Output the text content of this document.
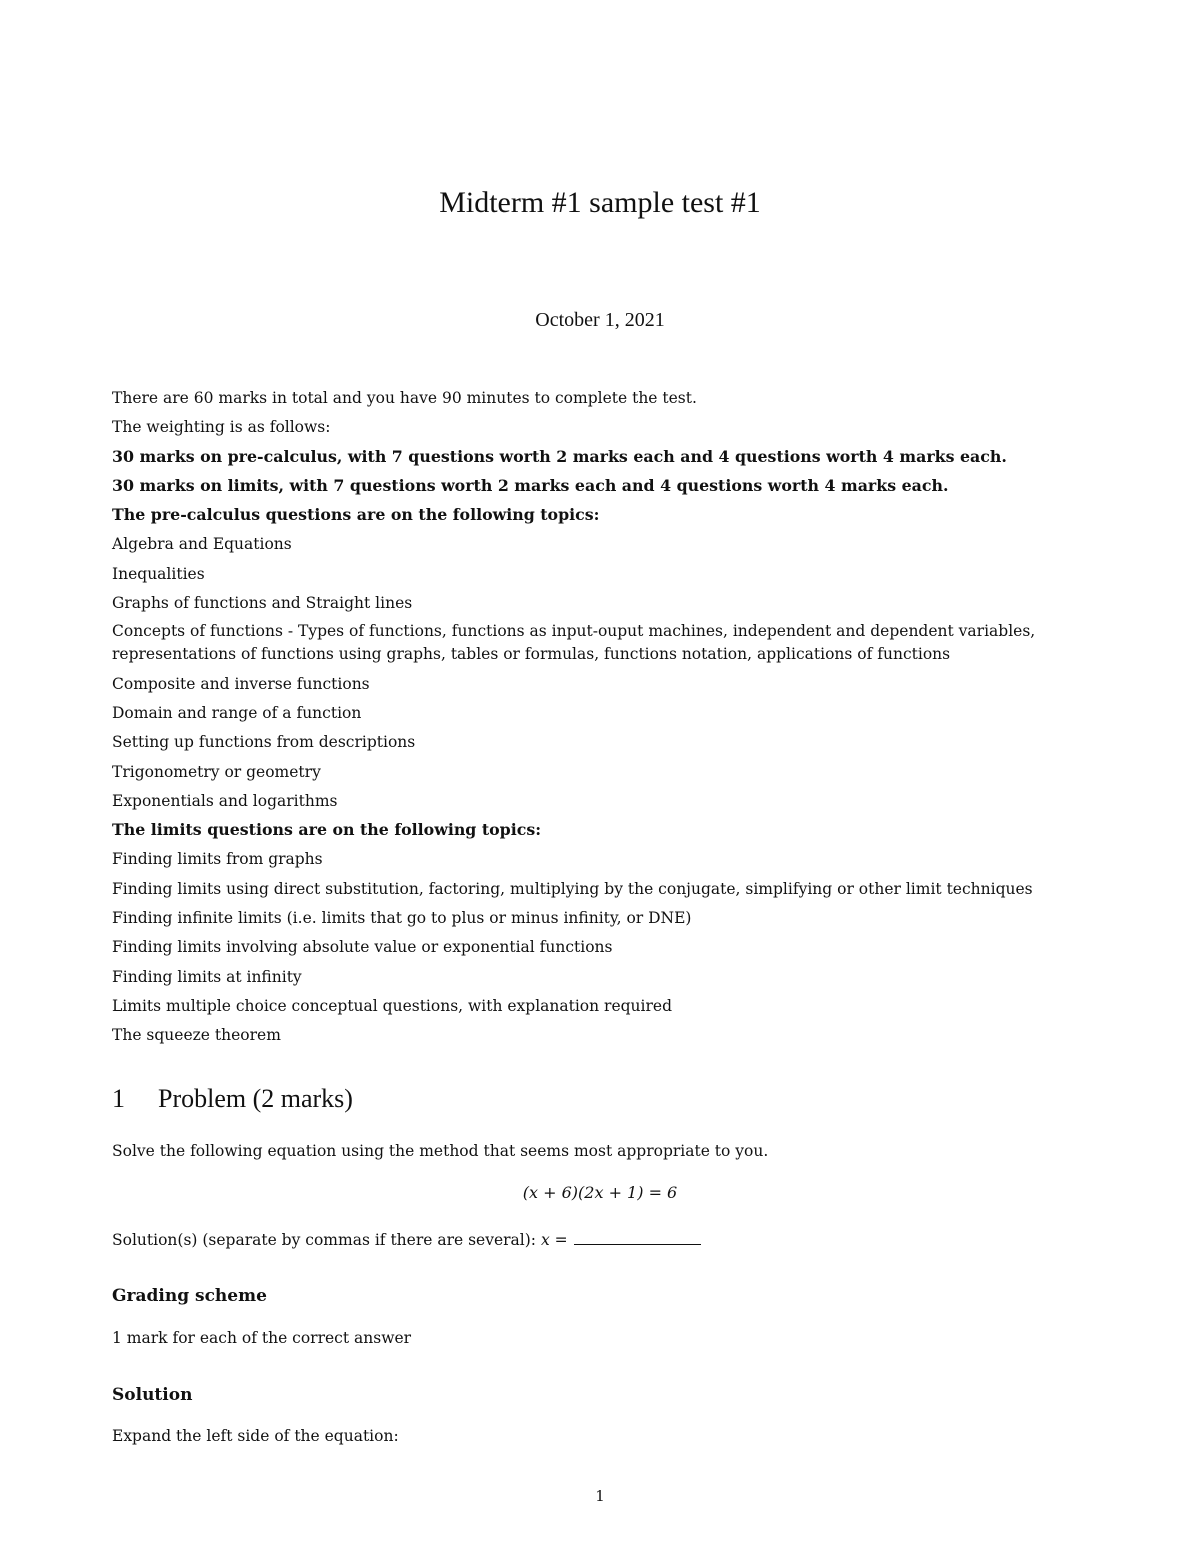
Midterm #1 sample test #1
October 1, 2021
There are 60 marks in total and you have 90 minutes to complete the test.
The weighting is as follows:
30 marks on pre-calculus, with 7 questions worth 2 marks each and 4 questions worth 4 marks each.
30 marks on limits, with 7 questions worth 2 marks each and 4 questions worth 4 marks each.
The pre-calculus questions are on the following topics:
Algebra and Equations
Inequalities
Graphs of functions and Straight lines
Concepts of functions - Types of functions, functions as input-ouput machines, independent and dependent variables, representations of functions using graphs, tables or formulas, functions notation, applications of functions
Composite and inverse functions
Domain and range of a function
Setting up functions from descriptions
Trigonometry or geometry
Exponentials and logarithms
The limits questions are on the following topics:
Finding limits from graphs
Finding limits using direct substitution, factoring, multiplying by the conjugate, simplifying or other limit techniques
Finding infinite limits (i.e. limits that go to plus or minus infinity, or DNE)
Finding limits involving absolute value or exponential functions
Finding limits at infinity
Limits multiple choice conceptual questions, with explanation required
The squeeze theorem
1 Problem (2 marks)
Solve the following equation using the method that seems most appropriate to you.
(x + 6)(2x + 1) = 6
Solution(s) (separate by commas if there are several): x =
Grading scheme
1 mark for each of the correct answer
Solution
Expand the left side of the equation:
1
